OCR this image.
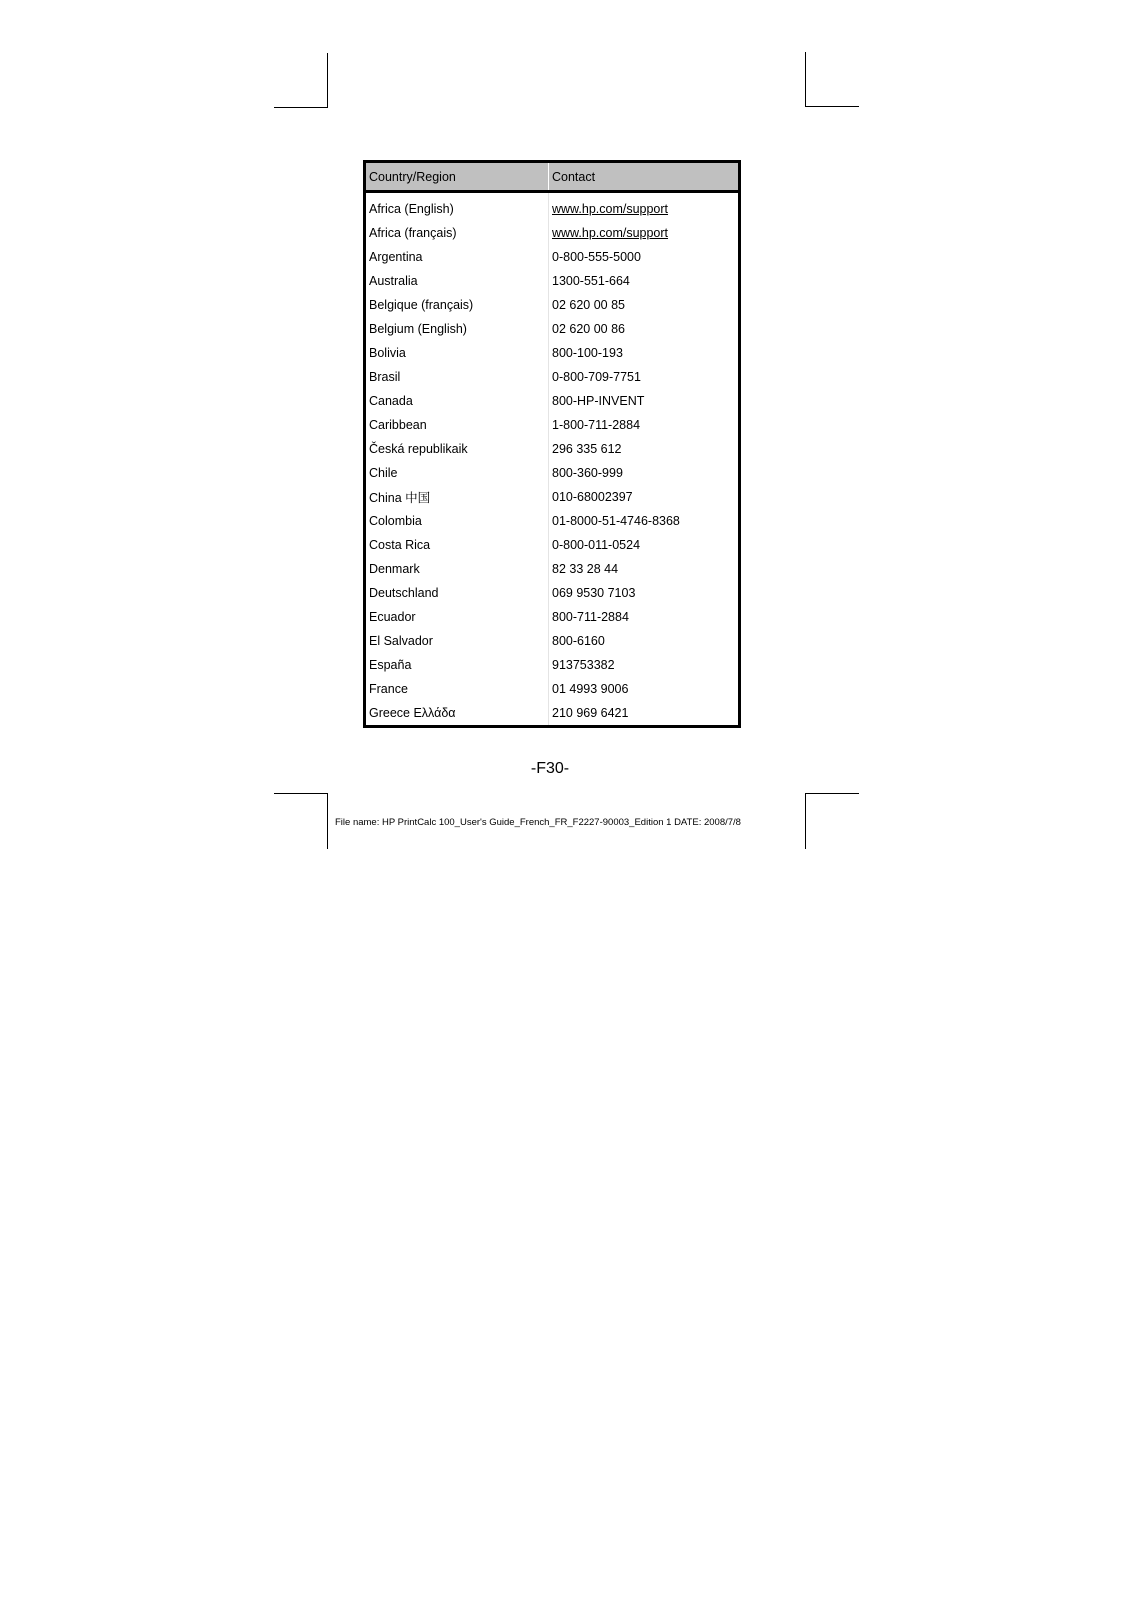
Country/Region	Contact
Africa (English)	www.hp.com/support
Africa (français)	www.hp.com/support
Argentina	0-800-555-5000
Australia	1300-551-664
Belgique (français)	02 620 00 85
Belgium (English)	02 620 00 86
Bolivia	800-100-193
Brasil	0-800-709-7751
Canada	800-HP-INVENT
Caribbean	1-800-711-2884
Česká republikaik	296 335 612
Chile	800-360-999
China 中国	010-68002397
Colombia	01-8000-51-4746-8368
Costa Rica	0-800-011-0524
Denmark	82 33 28 44
Deutschland	069 9530 7103
Ecuador	800-711-2884
El Salvador	800-6160
España	913753382
France	01 4993 9006
Greece Ελλάδα	210 969 6421
-F30-
File name: HP PrintCalc 100_User's Guide_French_FR_F2227-90003_Edition 1 DATE: 2008/7/8
